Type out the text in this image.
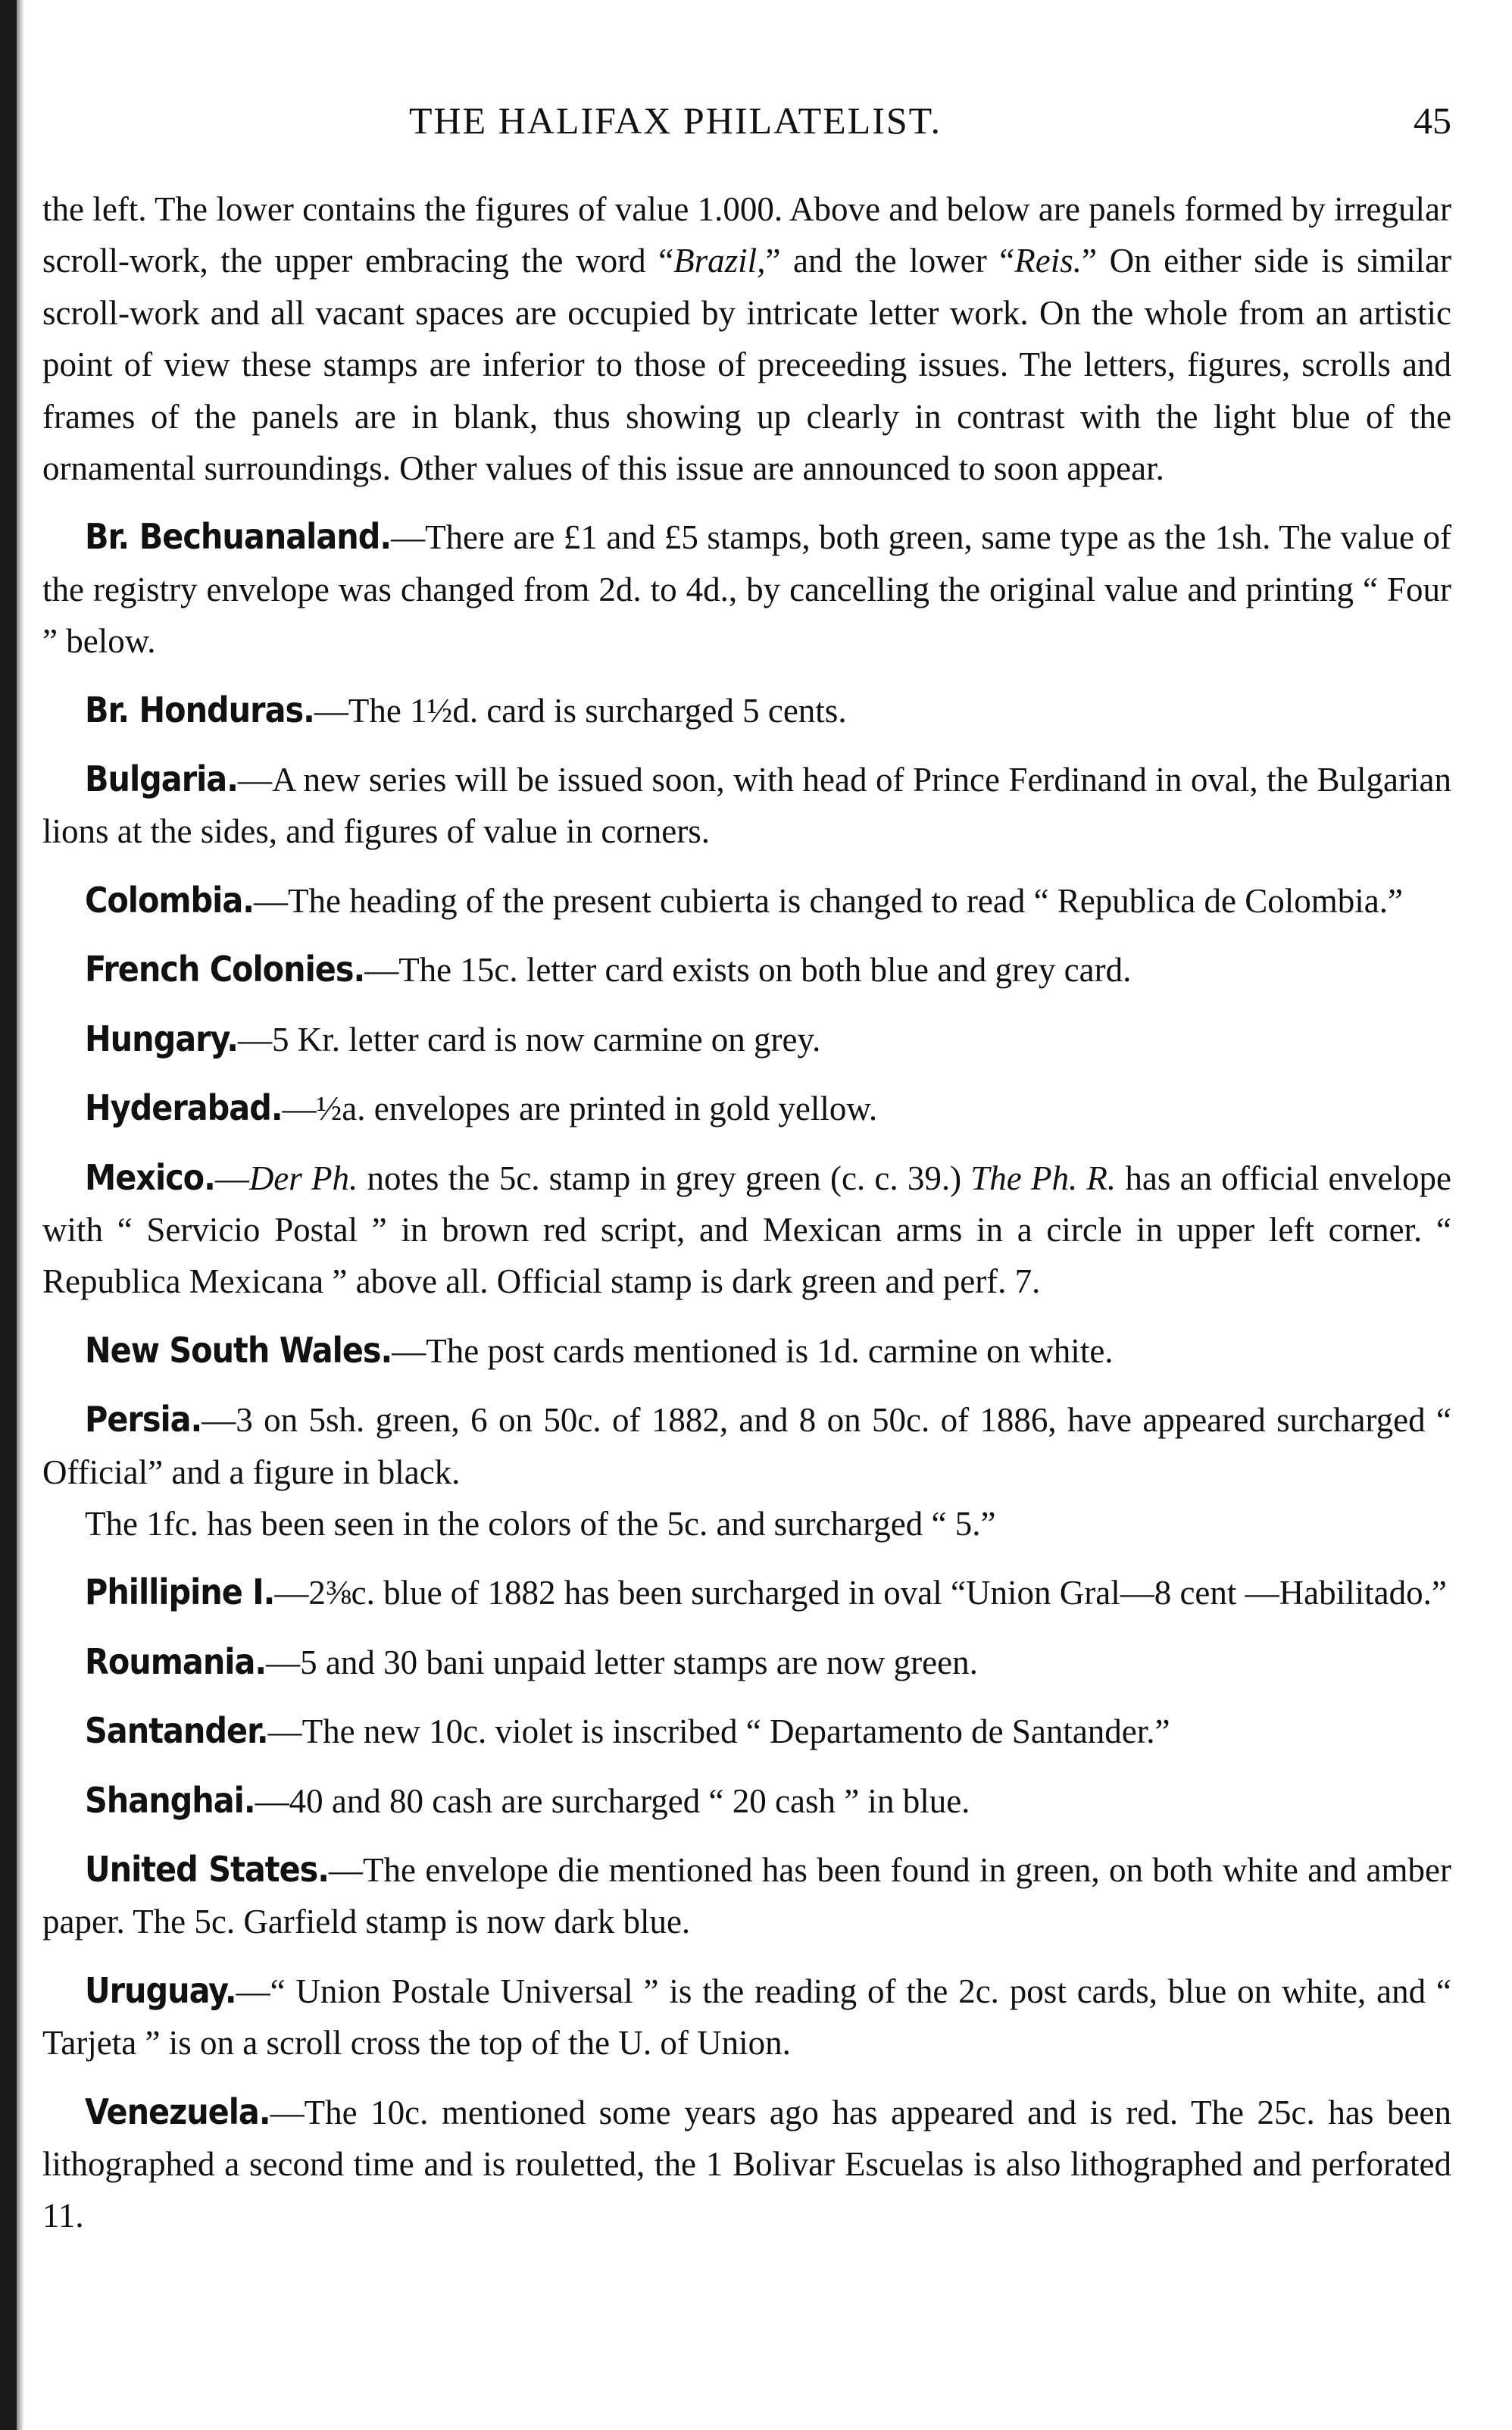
THE HALIFAX PHILATELIST.	45

the left. The lower contains the figures of value 1.000. Above and below are panels formed by irregular scroll-work, the upper embracing the word “Brazil,” and the lower “Reis.” On either side is similar scroll-work and all vacant spaces are occupied by intricate letter work. On the whole from an artistic point of view these stamps are inferior to those of preceeding issues. The letters, figures, scrolls and frames of the panels are in blank, thus showing up clearly in contrast with the light blue of the ornamental surroundings. Other values of this issue are announced to soon appear.

Br. Bechuanaland.—There are £1 and £5 stamps, both green, same type as the 1sh. The value of the registry envelope was changed from 2d. to 4d., by cancelling the original value and printing “ Four ” below.

Br. Honduras.—The 1½d. card is surcharged 5 cents.

Bulgaria.—A new series will be issued soon, with head of Prince Ferdinand in oval, the Bulgarian lions at the sides, and figures of value in corners.

Colombia.—The heading of the present cubierta is changed to read “ Republica de Colombia.”

French Colonies.—The 15c. letter card exists on both blue and grey card.

Hungary.—5 Kr. letter card is now carmine on grey.

Hyderabad.—½a. envelopes are printed in gold yellow.

Mexico.—Der Ph. notes the 5c. stamp in grey green (c. c. 39.) The Ph. R. has an official envelope with “ Servicio Postal ” in brown red script, and Mexican arms in a circle in upper left corner. “ Republica Mexicana ” above all. Official stamp is dark green and perf. 7.

New South Wales.—The post cards mentioned is 1d. carmine on white.

Persia.—3 on 5sh. green, 6 on 50c. of 1882, and 8 on 50c. of 1886, have appeared surcharged “ Official” and a figure in black.

The 1fc. has been seen in the colors of the 5c. and surcharged “ 5.”

Phillipine I.—2⅜c. blue of 1882 has been surcharged in oval “Union Gral—8 cent —Habilitado.”

Roumania.—5 and 30 bani unpaid letter stamps are now green.

Santander.—The new 10c. violet is inscribed “ Departamento de Santander.”

Shanghai.—40 and 80 cash are surcharged “ 20 cash ” in blue.

United States.—The envelope die mentioned has been found in green, on both white and amber paper. The 5c. Garfield stamp is now dark blue.

Uruguay.—“ Union Postale Universal ” is the reading of the 2c. post cards, blue on white, and “ Tarjeta ” is on a scroll cross the top of the U. of Union.

Venezuela.—The 10c. mentioned some years ago has appeared and is red. The 25c. has been lithographed a second time and is rouletted, the 1 Bolivar Escuelas is also lithographed and perforated 11.
